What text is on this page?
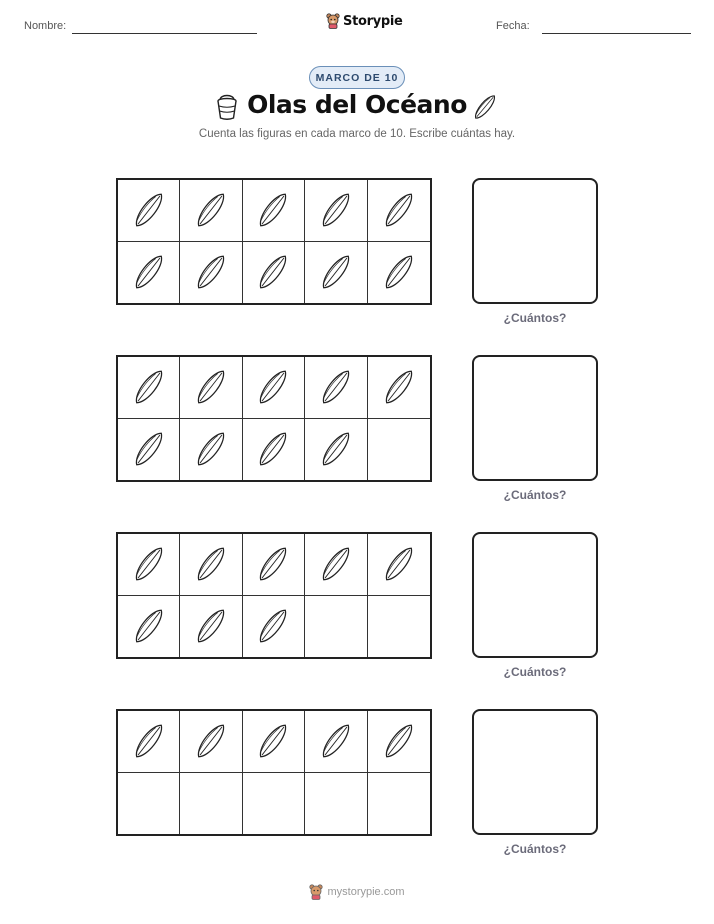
Nombre:	Storypie	Fecha:
MARCO DE 10
Olas del Océano
Cuenta las figuras en cada marco de 10. Escribe cuántas hay.
¿Cuántos?
¿Cuántos?
¿Cuántos?
¿Cuántos?
mystorypie.com
